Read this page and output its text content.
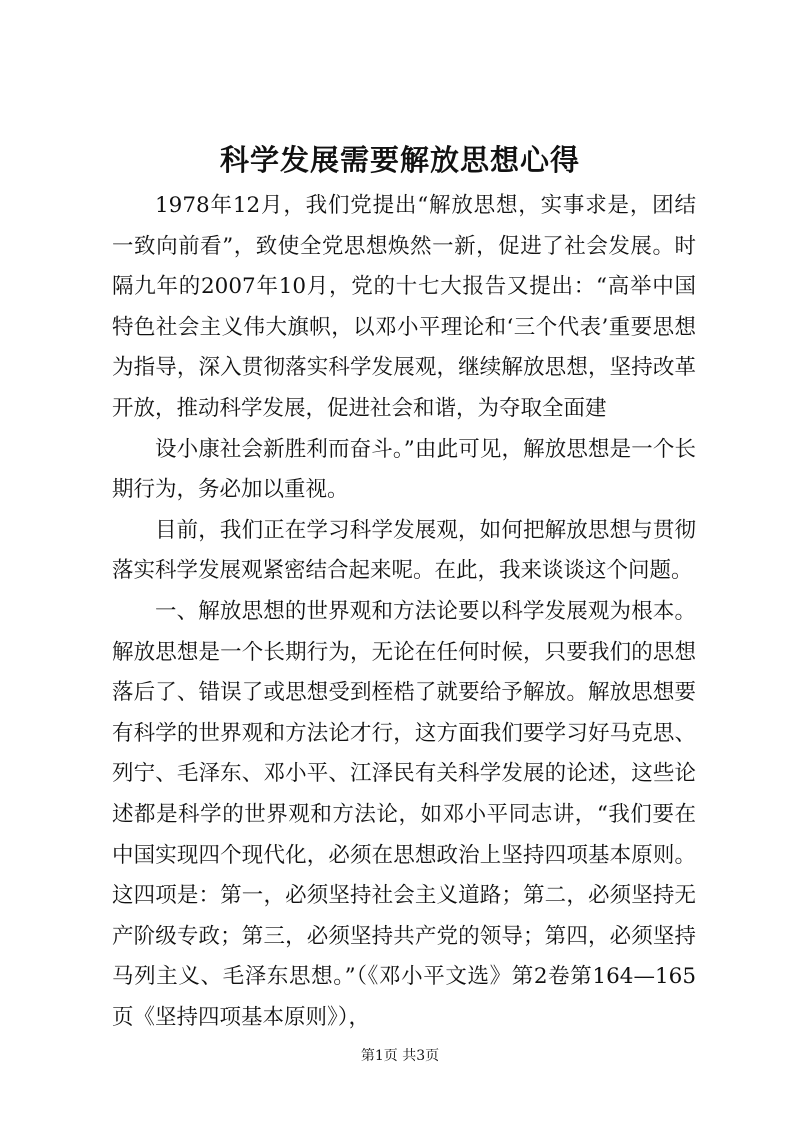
科学发展需要解放思想心得

1978年12月，我们党提出“解放思想，实事求是，团结一致向前看”，致使全党思想焕然一新，促进了社会发展。时隔九年的2007年10月，党的十七大报告又提出：“高举中国特色社会主义伟大旗帜，以邓小平理论和‘三个代表’重要思想为指导，深入贯彻落实科学发展观，继续解放思想，坚持改革开放，推动科学发展，促进社会和谐，为夺取全面建

设小康社会新胜利而奋斗。”由此可见，解放思想是一个长期行为，务必加以重视。

目前，我们正在学习科学发展观，如何把解放思想与贯彻落实科学发展观紧密结合起来呢。在此，我来谈谈这个问题。

一、解放思想的世界观和方法论要以科学发展观为根本。解放思想是一个长期行为，无论在任何时候，只要我们的思想落后了、错误了或思想受到桎梏了就要给予解放。解放思想要有科学的世界观和方法论才行，这方面我们要学习好马克思、列宁、毛泽东、邓小平、江泽民有关科学发展的论述，这些论述都是科学的世界观和方法论，如邓小平同志讲，“我们要在中国实现四个现代化，必须在思想政治上坚持四项基本原则。这四项是：第一，必须坚持社会主义道路；第二，必须坚持无产阶级专政；第三，必须坚持共产党的领导；第四，必须坚持马列主义、毛泽东思想。”（《邓小平文选》第2卷第164—165页《坚持四项基本原则》），

第1页 共3页
